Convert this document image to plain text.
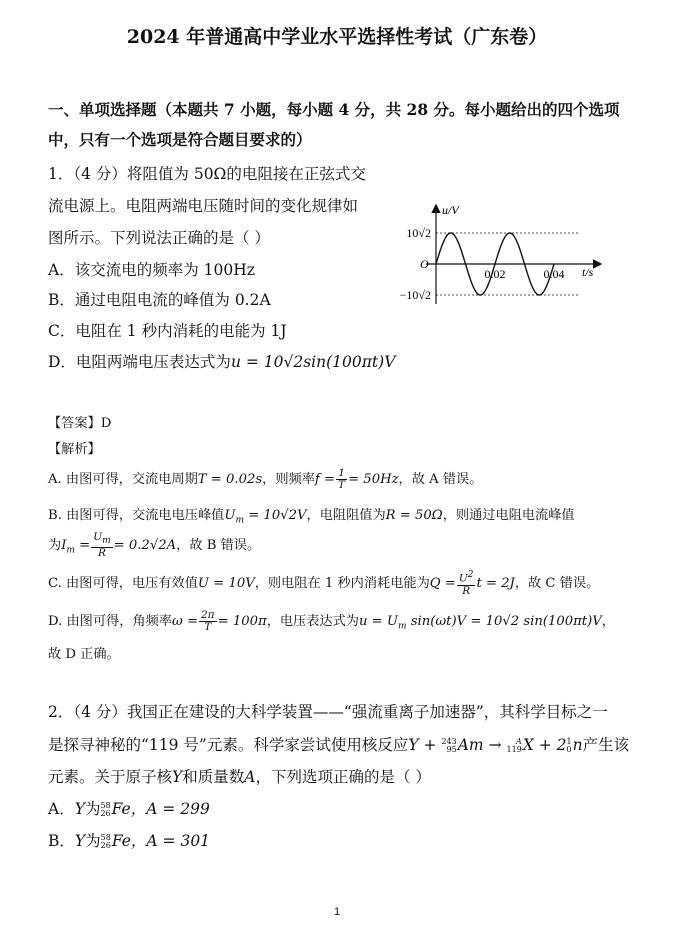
2024 年普通高中学业水平选择性考试（广东卷）
一、单项选择题（本题共 7 小题，每小题 4 分，共 28 分。每小题给出的四个选项
中，只有一个选项是符合题目要求的）
1．（4 分）将阻值为 50Ω的电阻接在正弦式交
流电源上。电阻两端电压随时间的变化规律如
图所示。下列说法正确的是（ ）
A．该交流电的频率为 100Hz
B．通过电阻电流的峰值为 0.2A
C．电阻在 1 秒内消耗的电能为 1J
D．电阻两端电压表达式为u = 10√2sin(100πt)V
u/V
t/s
O
10√2
−10√2
0.02	0.04
【答案】D
【解析】
A. 由图可得，交流电周期T = 0.02s，则频率$f = \frac{1}{T} = 50Hz$，故 A 错误。
B. 由图可得，交流电电压峰值$U_m = 10√2V$，电阻阻值为R = 50Ω，则通过电阻电流峰值
为$I_m = \frac{U_m}{R} = 0.2√2A$，故 B 错误。
C. 由图可得，电压有效值U = 10V，则电阻在 1 秒内消耗电能为$Q = \frac{U^2}{R}$ t = 2J，故 C 错误。
D. 由图可得，角频率$\omega = \frac{2\pi}{T} = 100\pi$，电压表达式为$u = U_m$ sin(ωt)V = 10√2 sin(100πt)V，
故 D 正确。
2．（4 分）我国正在建设的大科学装置——“强流重离子加速器”，其科学目标之一
是探寻神秘的“119 号”元素。科学家尝试使用核反应Y + 243
95 Am →	A
119 X + 2 1
0 n产生该
元素。关于原子核Y和质量数A，下列选项正确的是（ ）
A．Y为 58
26 Fe，A = 299
B．Y为 58
26 Fe，A = 301
1
